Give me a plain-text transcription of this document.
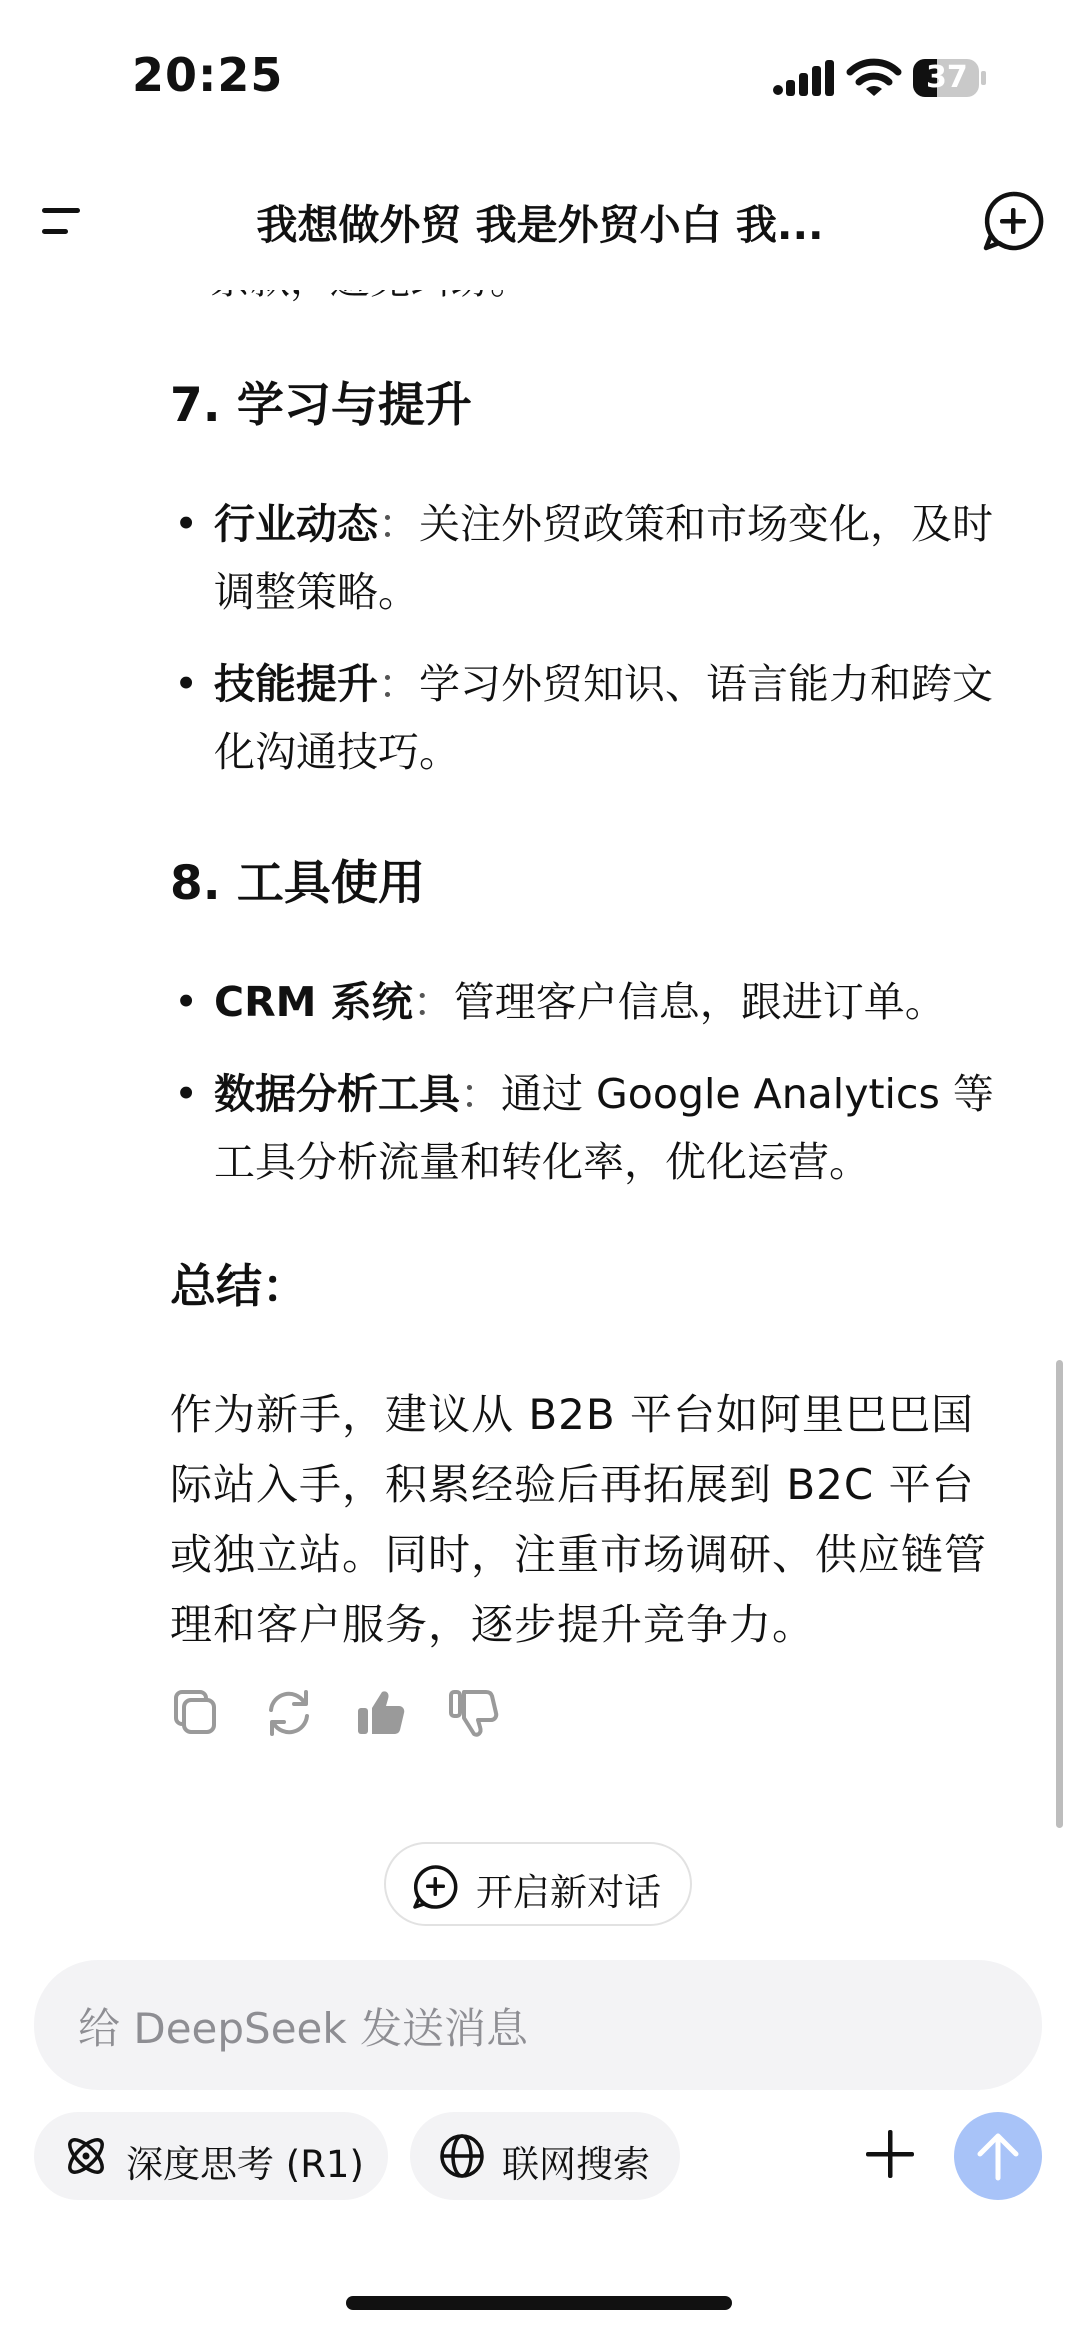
20:25	37
我想做外贸 我是外贸小白 我...
7. 学习与提升
• 行业动态：关注外贸政策和市场变化，及时调整策略。
• 技能提升：学习外贸知识、语言能力和跨文化沟通技巧。
8. 工具使用
• CRM 系统：管理客户信息，跟进订单。
• 数据分析工具：通过 Google Analytics 等工具分析流量和转化率，优化运营。
总结：
作为新手，建议从 B2B 平台如阿里巴巴国际站入手，积累经验后再拓展到 B2C 平台或独立站。同时，注重市场调研、供应链管理和客户服务，逐步提升竞争力。
开启新对话
给 DeepSeek 发送消息
深度思考 (R1)	联网搜索
